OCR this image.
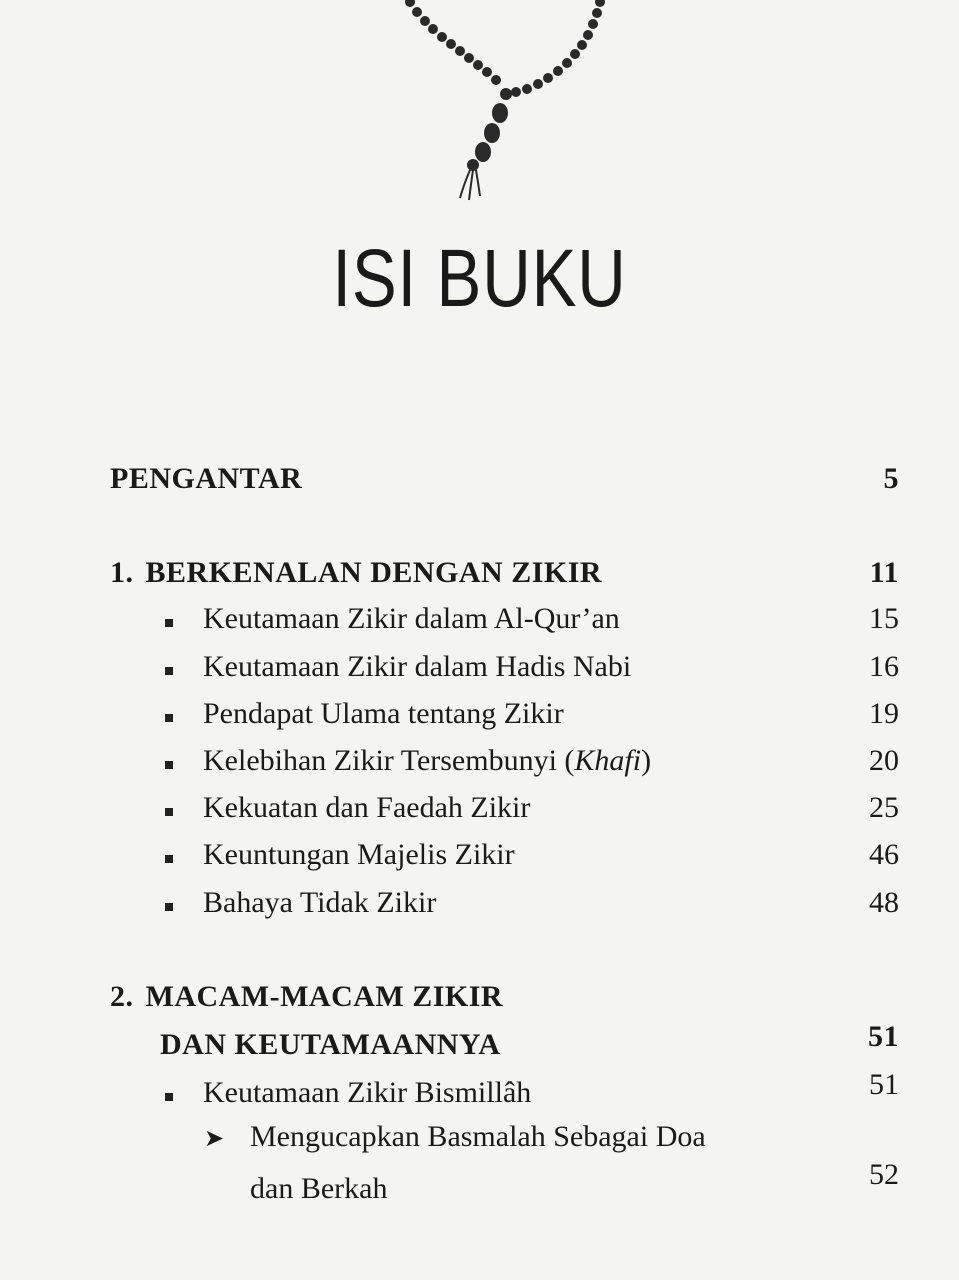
ISI BUKU
PENGANTAR	5
1. BERKENALAN DENGAN ZIKIR	11
Keutamaan Zikir dalam Al-Qur’an	15
Keutamaan Zikir dalam Hadis Nabi	16
Pendapat Ulama tentang Zikir	19
Kelebihan Zikir Tersembunyi (Khafi)	20
Kekuatan dan Faedah Zikir	25
Keuntungan Majelis Zikir	46
Bahaya Tidak Zikir	48
2. MACAM-MACAM ZIKIR
DAN KEUTAMAANNYA	51
Keutamaan Zikir Bismillâh	51
➤ Mengucapkan Basmalah Sebagai Doa
dan Berkah	52
